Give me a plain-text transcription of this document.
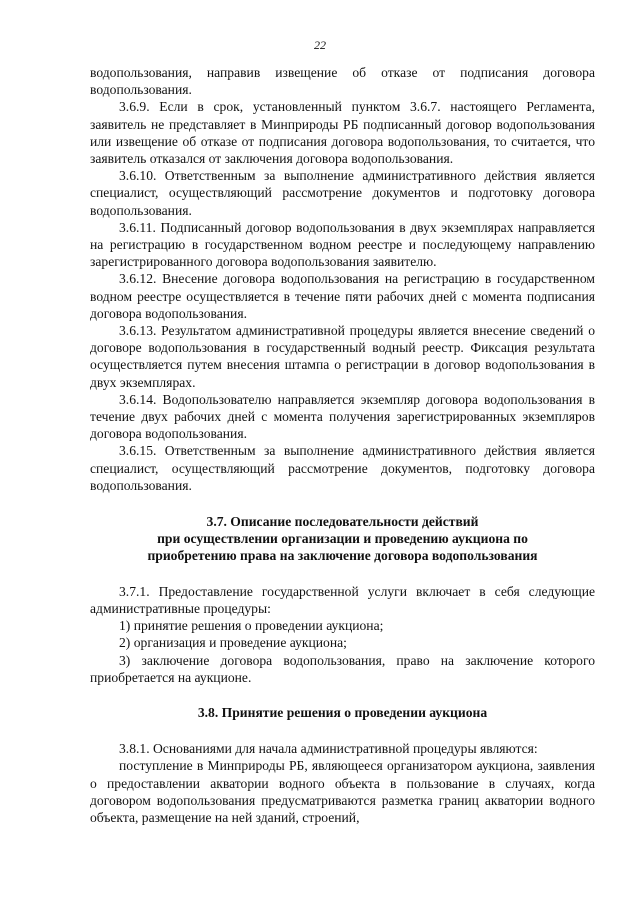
22

водопользования, направив извещение об отказе от подписания договора водопользования.

3.6.9. Если в срок, установленный пунктом 3.6.7. настоящего Регламента, заявитель не представляет в Минприроды РБ подписанный договор водопользования или извещение об отказе от подписания договора водопользования, то считается, что заявитель отказался от заключения договора водопользования.

3.6.10. Ответственным за выполнение административного действия является специалист, осуществляющий рассмотрение документов и подготовку договора водопользования.

3.6.11. Подписанный договор водопользования в двух экземплярах направляется на регистрацию в государственном водном реестре и последующему направлению зарегистрированного договора водопользования заявителю.

3.6.12. Внесение договора водопользования на регистрацию в государственном водном реестре осуществляется в течение пяти рабочих дней с момента подписания договора водопользования.

3.6.13. Результатом административной процедуры является внесение сведений о договоре водопользования в государственный водный реестр. Фиксация результата осуществляется путем внесения штампа о регистрации в договор водопользования в двух экземплярах.

3.6.14. Водопользователю направляется экземпляр договора водопользования в течение двух рабочих дней с момента получения зарегистрированных экземпляров договора водопользования.

3.6.15. Ответственным за выполнение административного действия является специалист, осуществляющий рассмотрение документов, подготовку договора водопользования.

3.7. Описание последовательности действий
при осуществлении организации и проведению аукциона по
приобретению права на заключение договора водопользования

3.7.1. Предоставление государственной услуги включает в себя следующие административные процедуры:

1) принятие решения о проведении аукциона;

2) организация и проведение аукциона;

3) заключение договора водопользования, право на заключение которого приобретается на аукционе.

3.8. Принятие решения о проведении аукциона

3.8.1. Основаниями для начала административной процедуры являются:

поступление в Минприроды РБ, являющееся организатором аукциона, заявления о предоставлении акватории водного объекта в пользование в случаях, когда договором водопользования предусматриваются разметка границ акватории водного объекта, размещение на ней зданий, строений,
